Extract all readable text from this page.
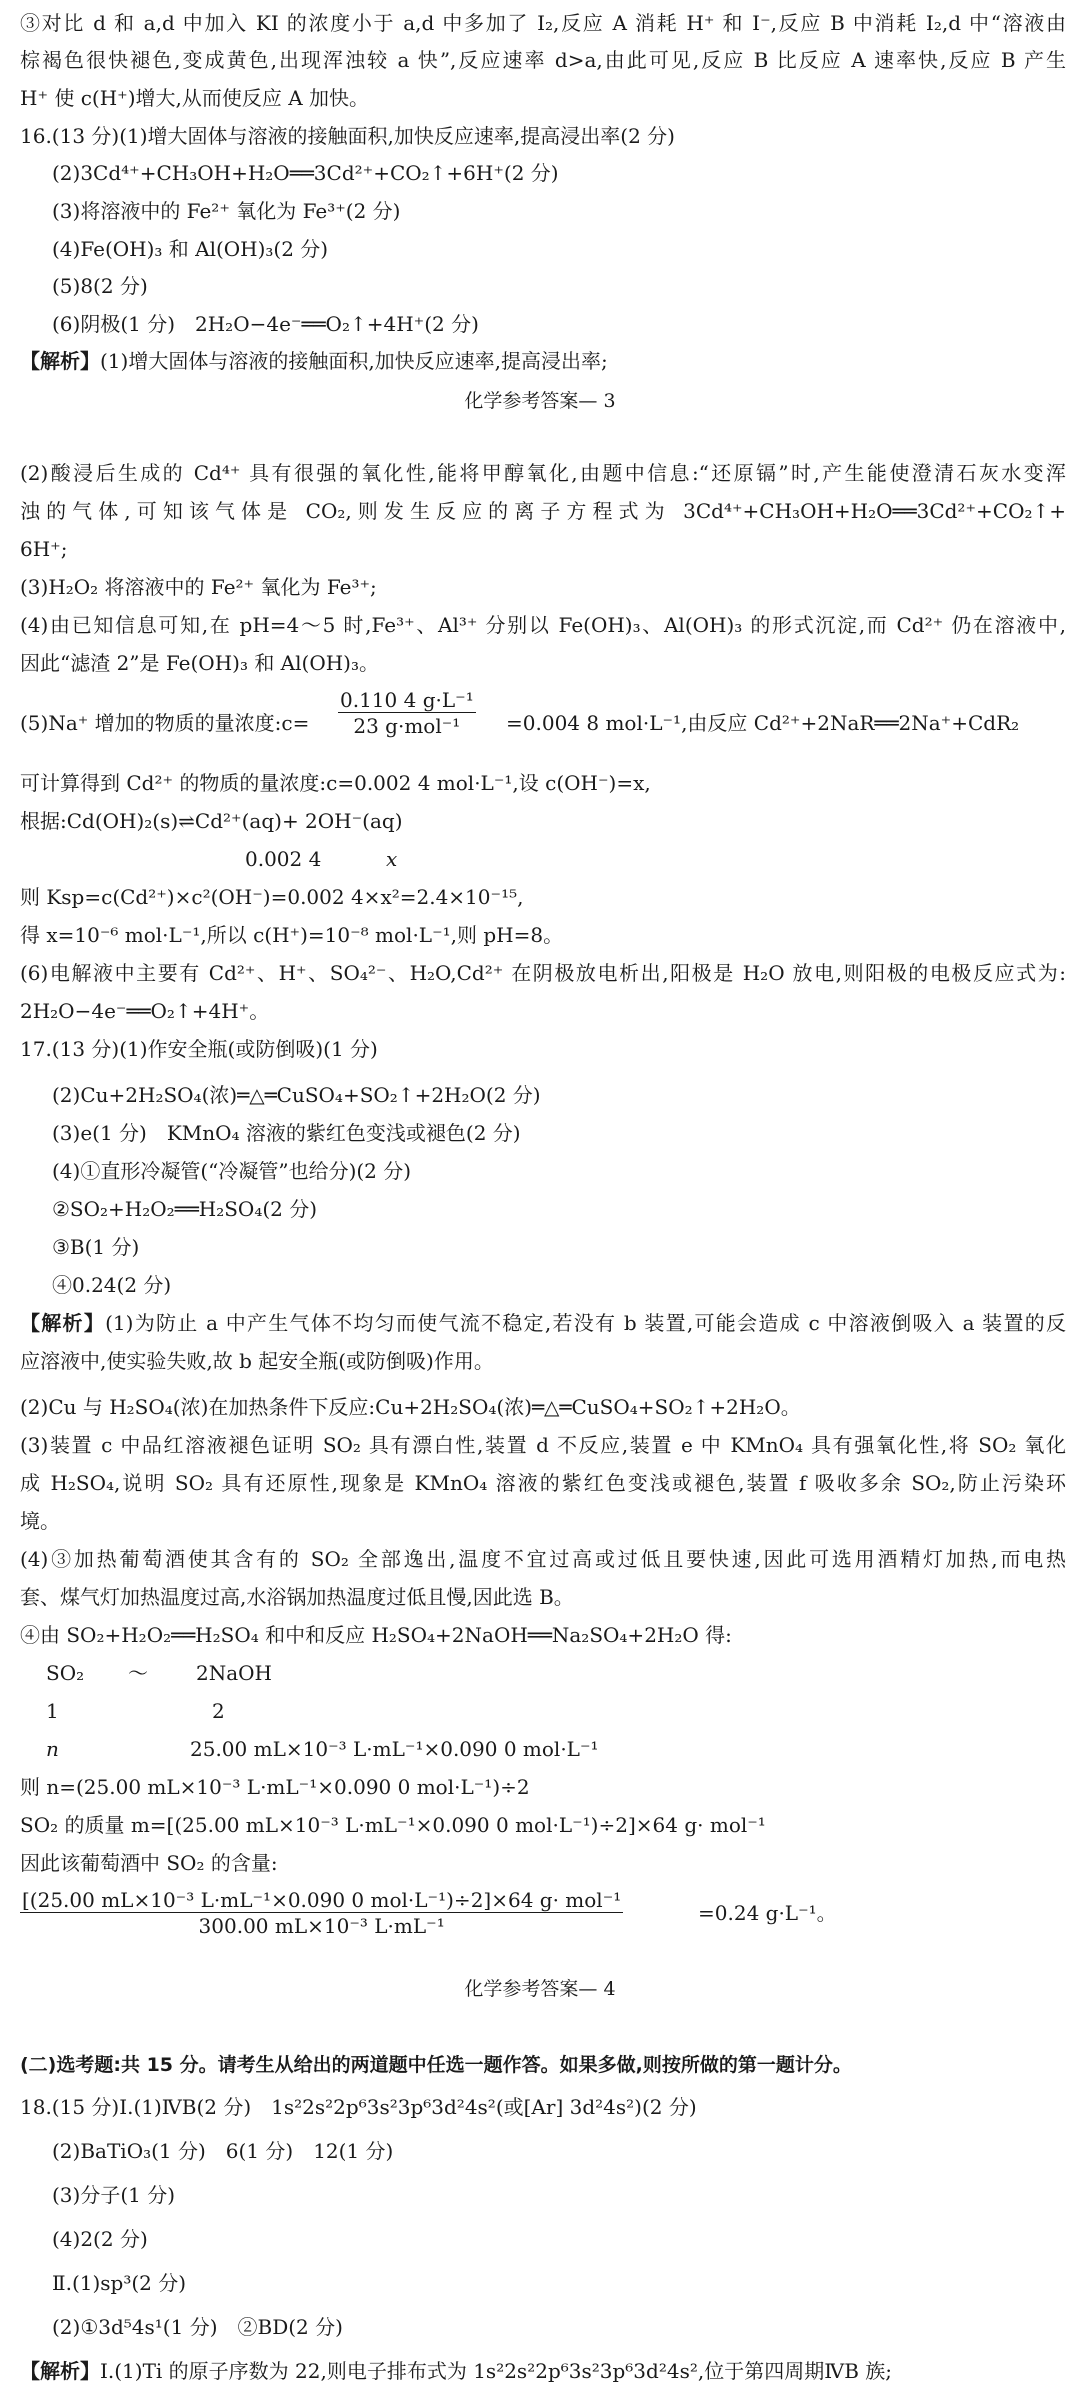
③对比 d 和 a,d 中加入 KI 的浓度小于 a,d 中多加了 I₂,反应 A 消耗 H⁺ 和 I⁻,反应 B 中消耗 I₂,d 中“溶液由
棕褐色很快褪色,变成黄色,出现浑浊较 a 快”,反应速率 d>a,由此可见,反应 B 比反应 A 速率快,反应 B 产生
H⁺ 使 c(H⁺)增大,从而使反应 A 加快。
16.(13 分)(1)增大固体与溶液的接触面积,加快反应速率,提高浸出率(2 分)
(2)3Cd⁴⁺+CH₃OH+H₂O══3Cd²⁺+CO₂↑+6H⁺(2 分)
(3)将溶液中的 Fe²⁺ 氧化为 Fe³⁺(2 分)
(4)Fe(OH)₃ 和 Al(OH)₃(2 分)
(5)8(2 分)
(6)阴极(1 分)　2H₂O−4e⁻══O₂↑+4H⁺(2 分)
【解析】(1)增大固体与溶液的接触面积,加快反应速率,提高浸出率;
化学参考答案— 3
(2)酸浸后生成的 Cd⁴⁺ 具有很强的氧化性,能将甲醇氧化,由题中信息:“还原镉”时,产生能使澄清石灰水变浑
浊的气体,可知该气体是 CO₂,则发生反应的离子方程式为 3Cd⁴⁺+CH₃OH+H₂O══3Cd²⁺+CO₂↑+
6H⁺;
(3)H₂O₂ 将溶液中的 Fe²⁺ 氧化为 Fe³⁺;
(4)由已知信息可知,在 pH=4～5 时,Fe³⁺、Al³⁺ 分别以 Fe(OH)₃、Al(OH)₃ 的形式沉淀,而 Cd²⁺ 仍在溶液中,
因此“滤渣 2”是 Fe(OH)₃ 和 Al(OH)₃。
(5)Na⁺ 增加的物质的量浓度:c=
0.110 4 g·L⁻¹
23 g·mol⁻¹	=0.004 8 mol·L⁻¹,由反应 Cd²⁺+2NaR══2Na⁺+CdR₂
可计算得到 Cd²⁺ 的物质的量浓度:c=0.002 4 mol·L⁻¹,设 c(OH⁻)=x,
根据:Cd(OH)₂(s)⇌Cd²⁺(aq)+ 2OH⁻(aq)
0.002 4	x
则 Ksp=c(Cd²⁺)×c²(OH⁻)=0.002 4×x²=2.4×10⁻¹⁵,
得 x=10⁻⁶ mol·L⁻¹,所以 c(H⁺)=10⁻⁸ mol·L⁻¹,则 pH=8。
(6)电解液中主要有 Cd²⁺、H⁺、SO₄²⁻、H₂O,Cd²⁺ 在阴极放电析出,阳极是 H₂O 放电,则阳极的电极反应式为:
2H₂O−4e⁻══O₂↑+4H⁺。
17.(13 分)(1)作安全瓶(或防倒吸)(1 分)
(2)Cu+2H₂SO₄(浓)═△═CuSO₄+SO₂↑+2H₂O(2 分)
(3)e(1 分)　KMnO₄ 溶液的紫红色变浅或褪色(2 分)
(4)①直形冷凝管(“冷凝管”也给分)(2 分)
②SO₂+H₂O₂══H₂SO₄(2 分)
③B(1 分)
④0.24(2 分)
【解析】(1)为防止 a 中产生气体不均匀而使气流不稳定,若没有 b 装置,可能会造成 c 中溶液倒吸入 a 装置的反
应溶液中,使实验失败,故 b 起安全瓶(或防倒吸)作用。
(2)Cu 与 H₂SO₄(浓)在加热条件下反应:Cu+2H₂SO₄(浓)═△═CuSO₄+SO₂↑+2H₂O。
(3)装置 c 中品红溶液褪色证明 SO₂ 具有漂白性,装置 d 不反应,装置 e 中 KMnO₄ 具有强氧化性,将 SO₂ 氧化
成 H₂SO₄,说明 SO₂ 具有还原性,现象是 KMnO₄ 溶液的紫红色变浅或褪色,装置 f 吸收多余 SO₂,防止污染环
境。
(4)③加热葡萄酒使其含有的 SO₂ 全部逸出,温度不宜过高或过低且要快速,因此可选用酒精灯加热,而电热
套、煤气灯加热温度过高,水浴锅加热温度过低且慢,因此选 B。
④由 SO₂+H₂O₂══H₂SO₄ 和中和反应 H₂SO₄+2NaOH══Na₂SO₄+2H₂O 得:
SO₂ ～ 2NaOH
1	2
n	25.00 mL×10⁻³ L·mL⁻¹×0.090 0 mol·L⁻¹
则 n=(25.00 mL×10⁻³ L·mL⁻¹×0.090 0 mol·L⁻¹)÷2
SO₂ 的质量 m=[(25.00 mL×10⁻³ L·mL⁻¹×0.090 0 mol·L⁻¹)÷2]×64 g· mol⁻¹
因此该葡萄酒中 SO₂ 的含量:
[(25.00 mL×10⁻³ L·mL⁻¹×0.090 0 mol·L⁻¹)÷2]×64 g· mol⁻¹
300.00 mL×10⁻³ L·mL⁻¹
=0.24 g·L⁻¹。
化学参考答案— 4
(二)选考题:共 15 分。请考生从给出的两道题中任选一题作答。如果多做,则按所做的第一题计分。
18.(15 分)Ⅰ.(1)ⅣB(2 分)　1s²2s²2p⁶3s²3p⁶3d²4s²(或[Ar] 3d²4s²)(2 分)
(2)BaTiO₃(1 分)　6(1 分)　12(1 分)
(3)分子(1 分)
(4)2(2 分)
Ⅱ.(1)sp³(2 分)
(2)①3d⁵4s¹(1 分)　②BD(2 分)
【解析】Ⅰ.(1)Ti 的原子序数为 22,则电子排布式为 1s²2s²2p⁶3s²3p⁶3d²4s²,位于第四周期ⅣB 族;
